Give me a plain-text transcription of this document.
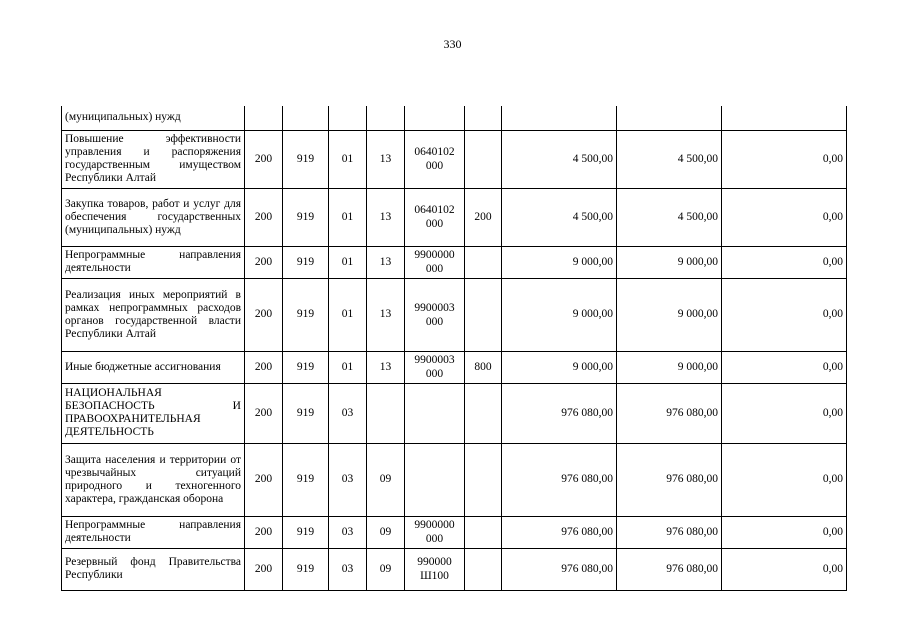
330
(муниципальных) нужд									
Повышение эффективности управления и распоряжения государственным имуществом Республики Алтай	200	919	01	13	0640102 000		4 500,00	4 500,00	0,00
Закупка товаров, работ и услуг для обеспечения государственных (муниципальных) нужд	200	919	01	13	0640102 000	200	4 500,00	4 500,00	0,00
Непрограммные направления деятельности	200	919	01	13	9900000 000		9 000,00	9 000,00	0,00
Реализация иных мероприятий в рамках непрограммных расходов органов государственной власти Республики Алтай	200	919	01	13	9900003 000		9 000,00	9 000,00	0,00
Иные бюджетные ассигнования	200	919	01	13	9900003 000	800	9 000,00	9 000,00	0,00
НАЦИОНАЛЬНАЯ БЕЗОПАСНОСТЬ И ПРАВООХРАНИТЕЛЬНАЯ ДЕЯТЕЛЬНОСТЬ	200	919	03				976 080,00	976 080,00	0,00
Защита населения и территории от чрезвычайных ситуаций природного и техногенного характера, гражданская оборона	200	919	03	09			976 080,00	976 080,00	0,00
Непрограммные направления деятельности	200	919	03	09	9900000 000		976 080,00	976 080,00	0,00
Резервный фонд Правительства Республики	200	919	03	09	990000 Ш100		976 080,00	976 080,00	0,00
